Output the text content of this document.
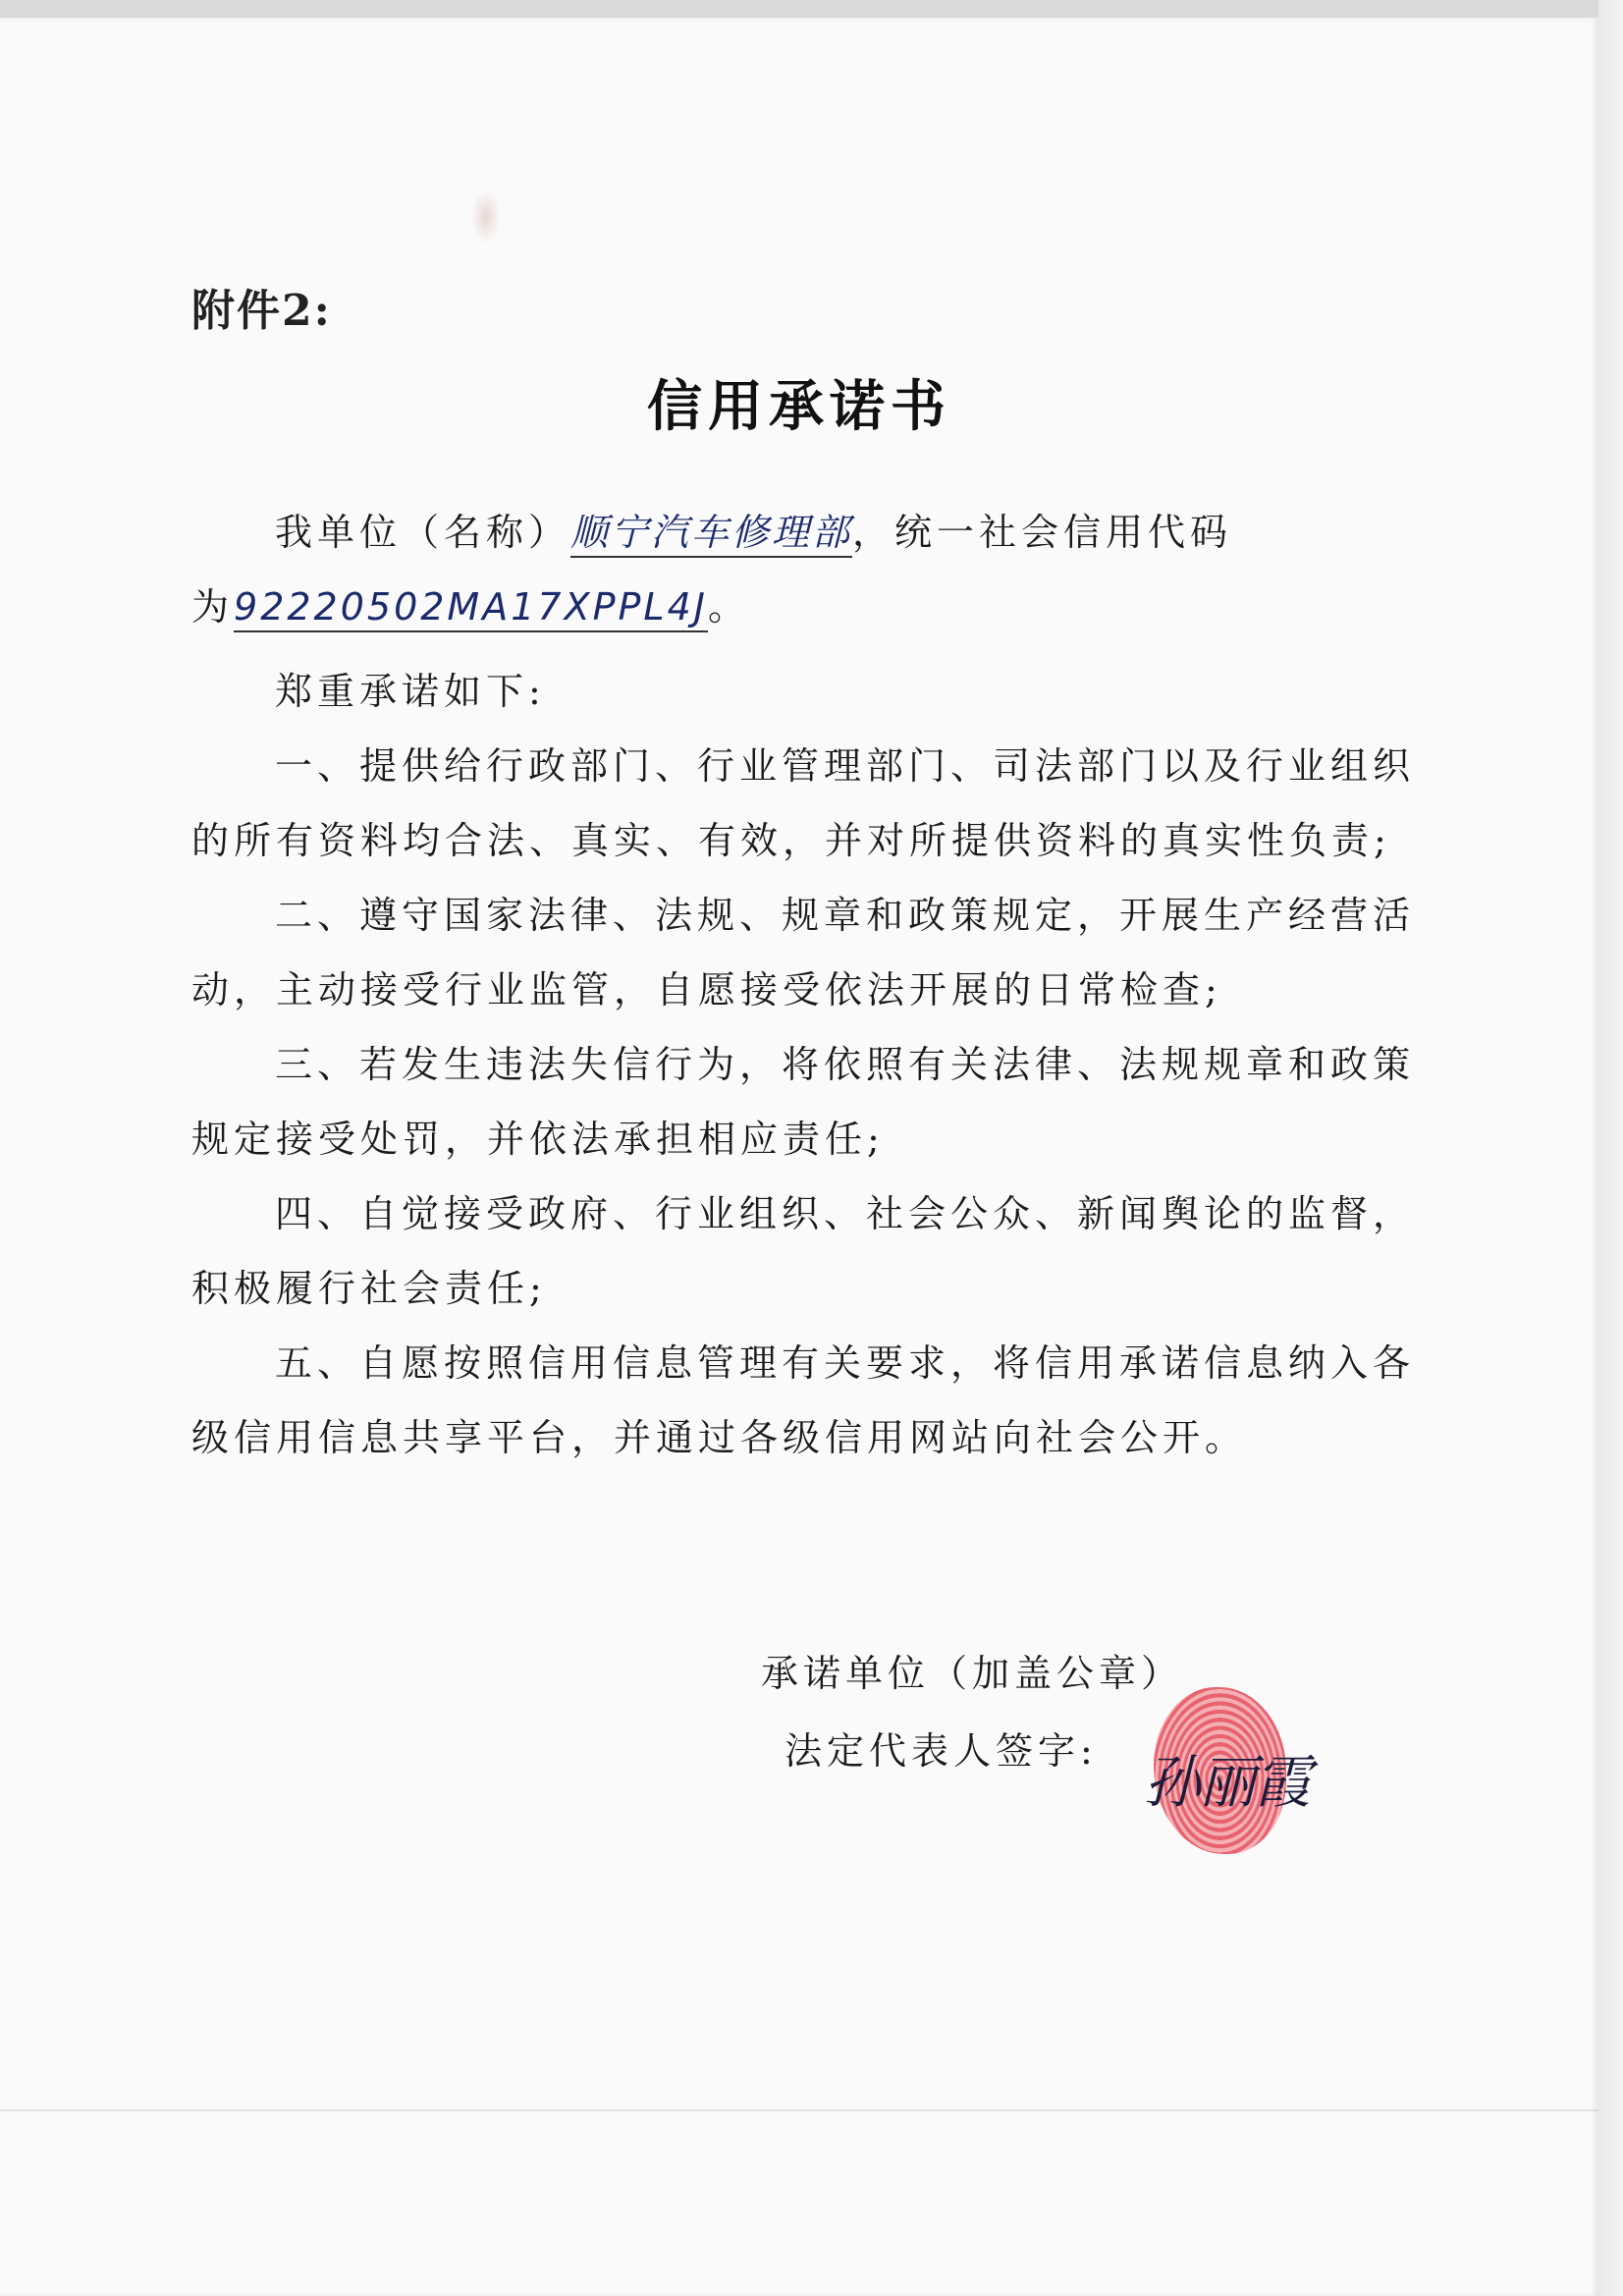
附件2:
信用承诺书
我单位（名称）顺宁汽车修理部，统一社会信用代码
为92220502MA17XPPL4J。
郑重承诺如下:
一、提供给行政部门、行业管理部门、司法部门以及行业组织
的所有资料均合法、真实、有效，并对所提供资料的真实性负责;
二、遵守国家法律、法规、规章和政策规定，开展生产经营活
动，主动接受行业监管，自愿接受依法开展的日常检查;
三、若发生违法失信行为，将依照有关法律、法规规章和政策
规定接受处罚，并依法承担相应责任;
四、自觉接受政府、行业组织、社会公众、新闻舆论的监督，
积极履行社会责任;
五、自愿按照信用信息管理有关要求，将信用承诺信息纳入各
级信用信息共享平台，并通过各级信用网站向社会公开。
承诺单位（加盖公章）
法定代表人签字: 孙丽霞
